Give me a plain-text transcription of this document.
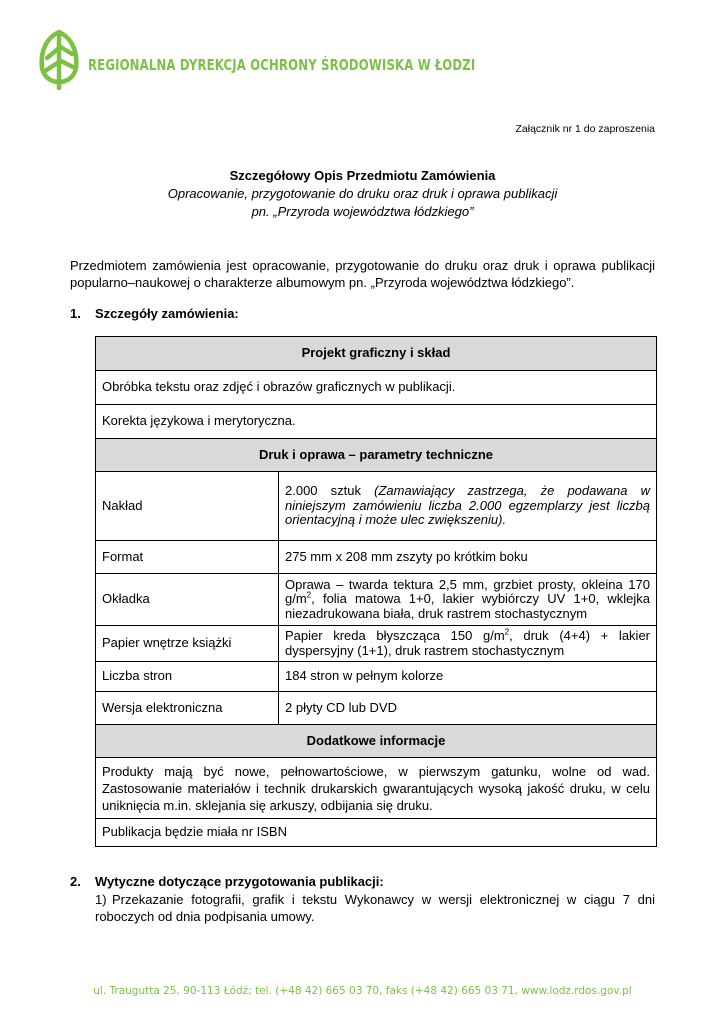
REGIONALNA DYREKCJA OCHRONY ŚRODOWISKA W ŁODZI
Załącznik nr 1 do zaproszenia
Szczegółowy Opis Przedmiotu Zamówienia
Opracowanie, przygotowanie do druku oraz druk i oprawa publikacji
pn. „Przyroda województwa łódzkiego”
Przedmiotem zamówienia jest opracowanie, przygotowanie do druku oraz druk i oprawa publikacji popularno–naukowej o charakterze albumowym pn. „Przyroda województwa łódzkiego”.
1. Szczegóły zamówienia:
Projekt graficzny i skład	
Obróbka tekstu oraz zdjęć i obrazów graficznych w publikacji.	
Korekta językowa i merytoryczna.	
Druk i oprawa – parametry techniczne	
Nakład	2.000 sztuk (Zamawiający zastrzega, że podawana w niniejszym zamówieniu liczba 2.000 egzemplarzy jest liczbą orientacyjną i może ulec zwiększeniu).
Format	275 mm x 208 mm zszyty po krótkim boku
Okładka	Oprawa – twarda tektura 2,5 mm, grzbiet prosty, okleina 170 $g/m^2$, folia matowa 1+0, lakier wybiórczy UV 1+0, wklejka niezadrukowana biała, druk rastrem stochastycznym
Papier wnętrze książki	Papier kreda błyszcząca 150 $g/m^2$, druk (4+4) + lakier dyspersyjny (1+1), druk rastrem stochastycznym
Liczba stron	184 stron w pełnym kolorze
Wersja elektroniczna	2 płyty CD lub DVD
Dodatkowe informacje	
Produkty mają być nowe, pełnowartościowe, w pierwszym gatunku, wolne od wad. Zastosowanie materiałów i technik drukarskich gwarantujących wysoką jakość druku, w celu uniknięcia m.in. sklejania się arkuszy, odbijania się druku.	
Publikacja będzie miała nr ISBN	
2. Wytyczne dotyczące przygotowania publikacji:
1) Przekazanie fotografii, grafik i tekstu Wykonawcy w wersji elektronicznej w ciągu 7 dni roboczych od dnia podpisania umowy.
ul. Traugutta 25, 90-113 Łódź; tel. (+48 42) 665 03 70, faks (+48 42) 665 03 71, www.lodz.rdos.gov.pl
